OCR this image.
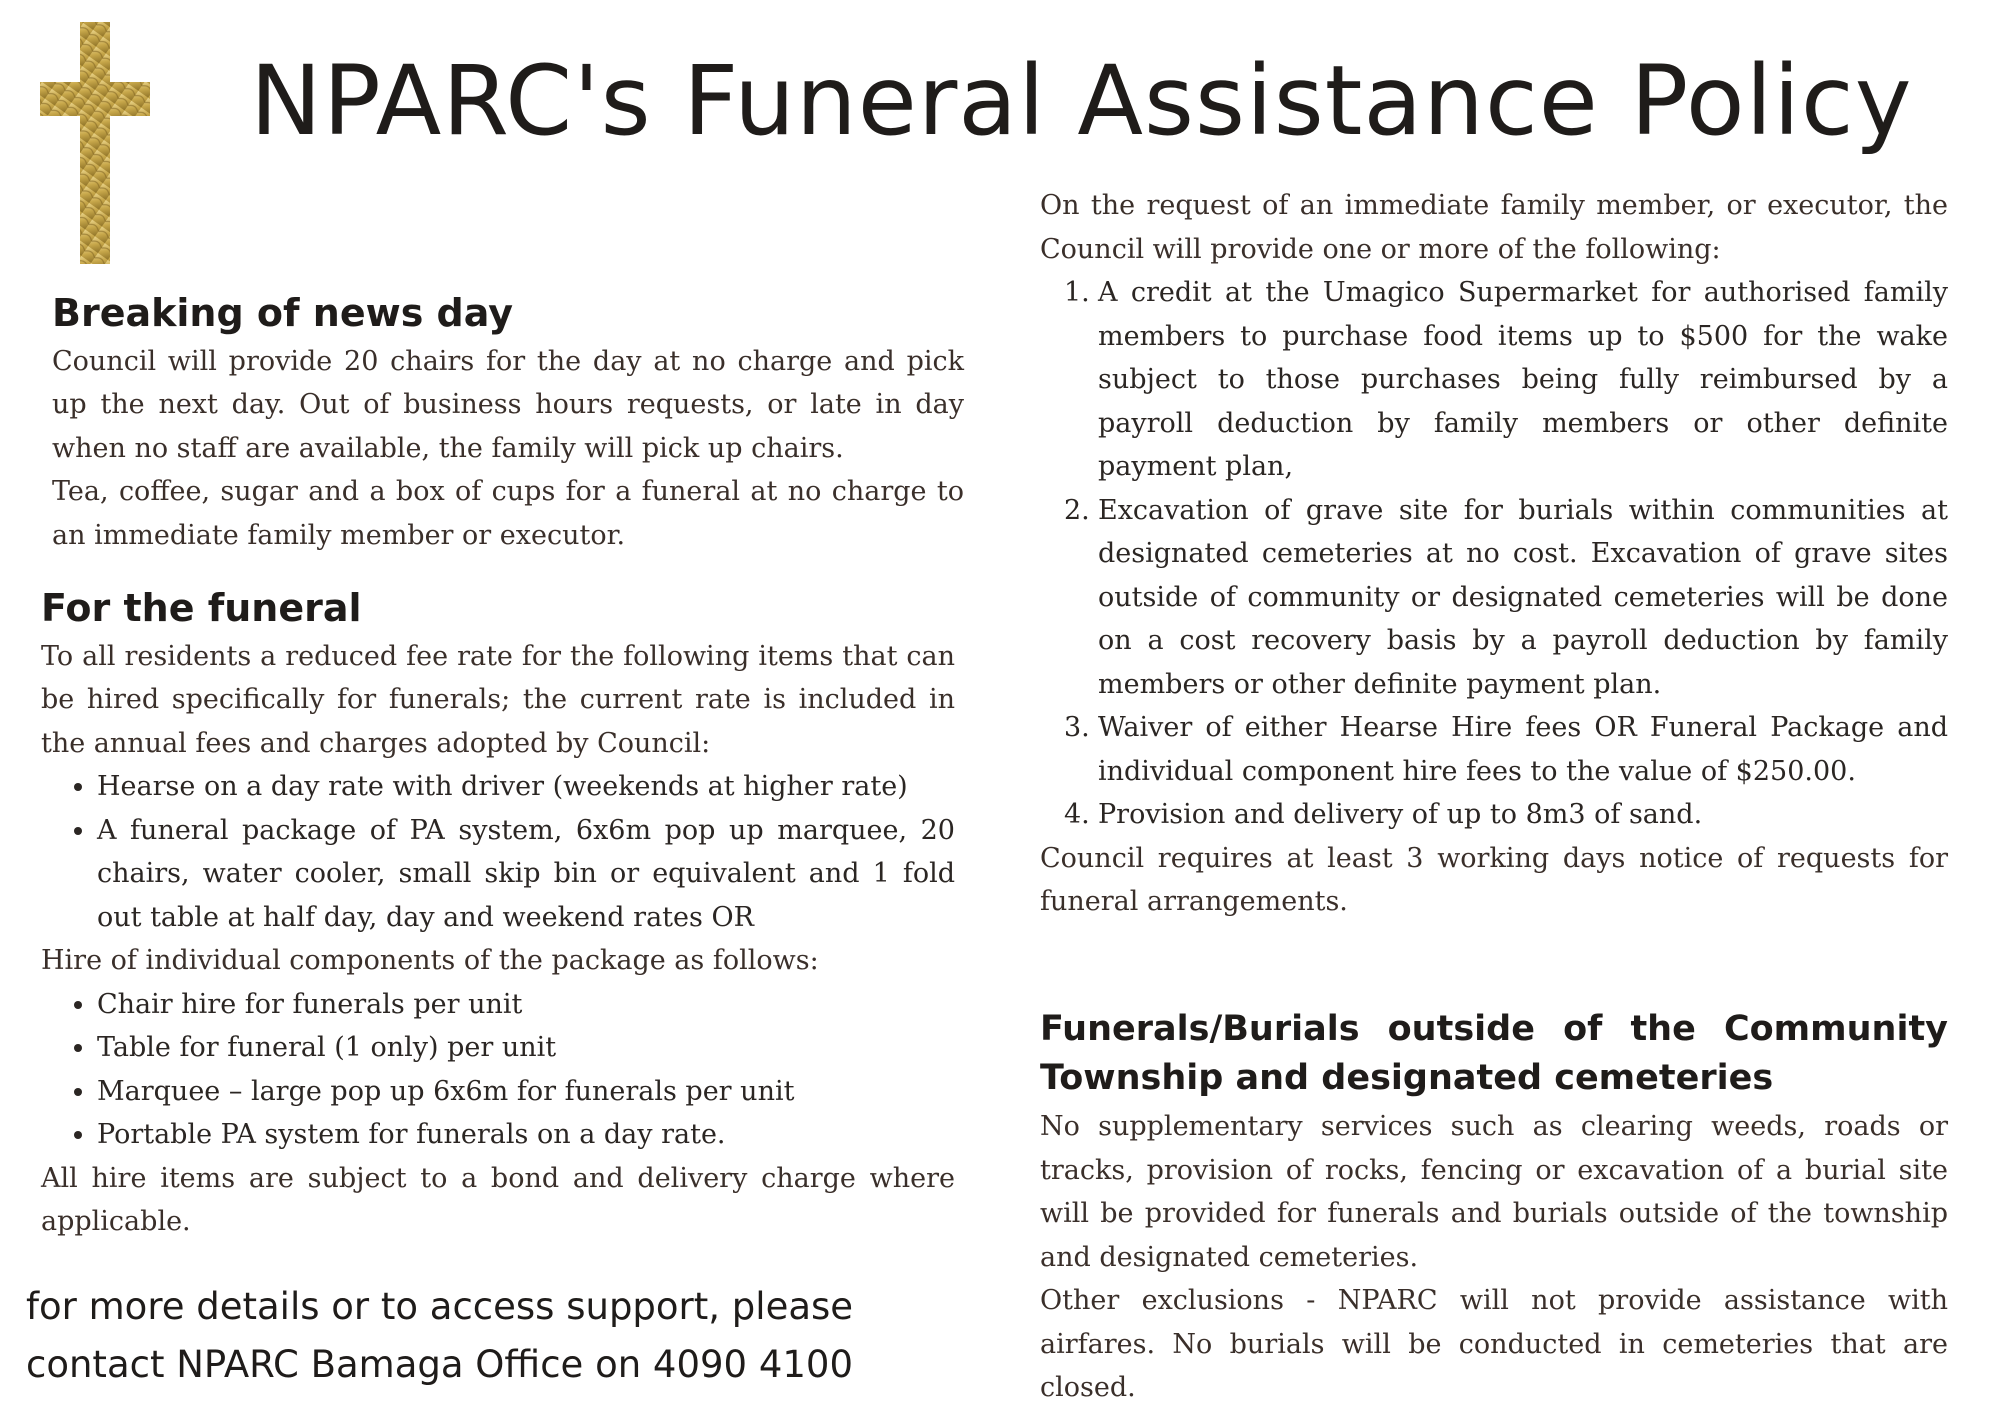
NPARC's Funeral Assistance Policy
Breaking of news day

Council will provide 20 chairs for the day at no charge and pick up the next day. Out of business hours requests, or late in day when no staff are available, the family will pick up chairs.

Tea, coffee, sugar and a box of cups for a funeral at no charge to an immediate family member or executor.

For the funeral

To all residents a reduced fee rate for the following items that can be hired specifically for funerals; the current rate is included in the annual fees and charges adopted by Council:

• Hearse on a day rate with driver (weekends at higher rate)
• A funeral package of PA system, 6x6m pop up marquee, 20 chairs, water cooler, small skip bin or equivalent and 1 fold out table at half day, day and weekend rates OR

Hire of individual components of the package as follows:

• Chair hire for funerals per unit
• Table for funeral (1 only) per unit
• Marquee – large pop up 6x6m for funerals per unit
• Portable PA system for funerals on a day rate.

All hire items are subject to a bond and delivery charge where applicable.

for more details or to access support, please
contact NPARC Bamaga Office on 4090 4100

On the request of an immediate family member, or executor, the Council will provide one or more of the following:

1. A credit at the Umagico Supermarket for authorised family members to purchase food items up to $500 for the wake subject to those purchases being fully reimbursed by a payroll deduction by family members or other definite payment plan,
2. Excavation of grave site for burials within communities at designated cemeteries at no cost. Excavation of grave sites outside of community or designated cemeteries will be done on a cost recovery basis by a payroll deduction by family members or other definite payment plan.
3. Waiver of either Hearse Hire fees OR Funeral Package and individual component hire fees to the value of $250.00.
4. Provision and delivery of up to 8m3 of sand.

Council requires at least 3 working days notice of requests for funeral arrangements.

Funerals/Burials outside of the Community
Township and designated cemeteries

No supplementary services such as clearing weeds, roads or tracks, provision of rocks, fencing or excavation of a burial site will be provided for funerals and burials outside of the township and designated cemeteries.

Other exclusions - NPARC will not provide assistance with airfares. No burials will be conducted in cemeteries that are closed.
